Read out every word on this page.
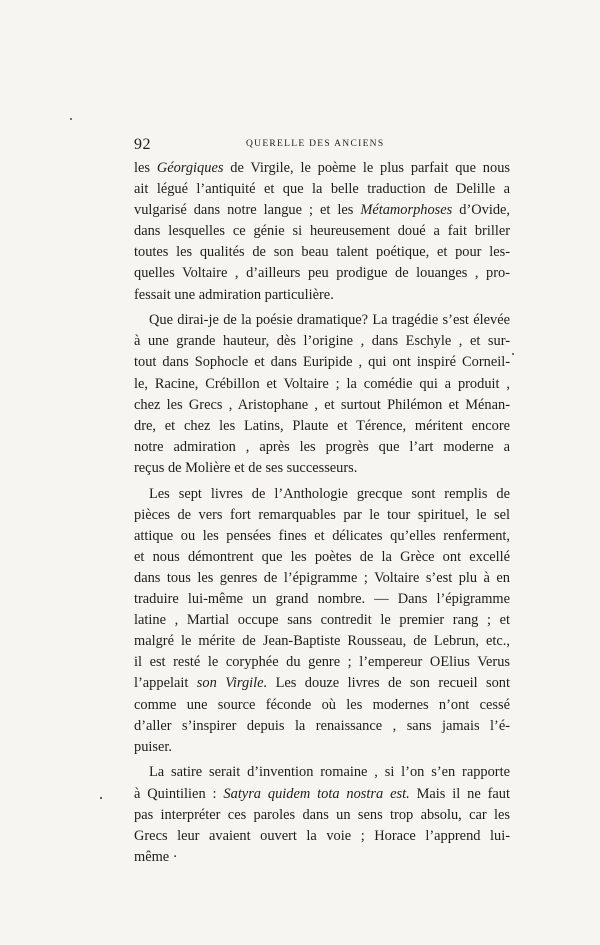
92	QUERELLE DES ANCIENS
les Géorgiques de Virgile, le poème le plus parfait que nous
ait légué l’antiquité et que la belle traduction de Delille a
vulgarisé dans notre langue ; et les Métamorphoses d’Ovide,
dans lesquelles ce génie si heureusement doué a fait briller
toutes les qualités de son beau talent poétique, et pour les-
quelles Voltaire , d’ailleurs peu prodigue de louanges , pro-
fessait une admiration particulière.
Que dirai-je de la poésie dramatique? La tragédie s’est élevée
à une grande hauteur, dès l’origine , dans Eschyle , et sur-
tout dans Sophocle et dans Euripide , qui ont inspiré Corneil-
le, Racine, Crébillon et Voltaire ; la comédie qui a produit ,
chez les Grecs , Aristophane , et surtout Philémon et Ménan-
dre, et chez les Latins, Plaute et Térence, méritent encore
notre admiration , après les progrès que l’art moderne a
reçus de Molière et de ses successeurs.
Les sept livres de l’Anthologie grecque sont remplis de
pièces de vers fort remarquables par le tour spirituel, le sel
attique ou les pensées fines et délicates qu’elles renferment,
et nous démontrent que les poètes de la Grèce ont excellé
dans tous les genres de l’épigramme ; Voltaire s’est plu à en
traduire lui-même un grand nombre. — Dans l’épigramme
latine , Martial occupe sans contredit le premier rang ; et
malgré le mérite de Jean-Baptiste Rousseau, de Lebrun, etc.,
il est resté le coryphée du genre ; l’empereur OElius Verus
l’appelait son Virgile. Les douze livres de son recueil sont
comme une source féconde où les modernes n’ont cessé
d’aller s’inspirer depuis la renaissance , sans jamais l’é-
puiser.
La satire serait d’invention romaine , si l’on s’en rapporte
à Quintilien : Satyra quidem tota nostra est. Mais il ne faut
pas interpréter ces paroles dans un sens trop absolu, car les
Grecs leur avaient ouvert la voie ; Horace l’apprend lui-
même ·
